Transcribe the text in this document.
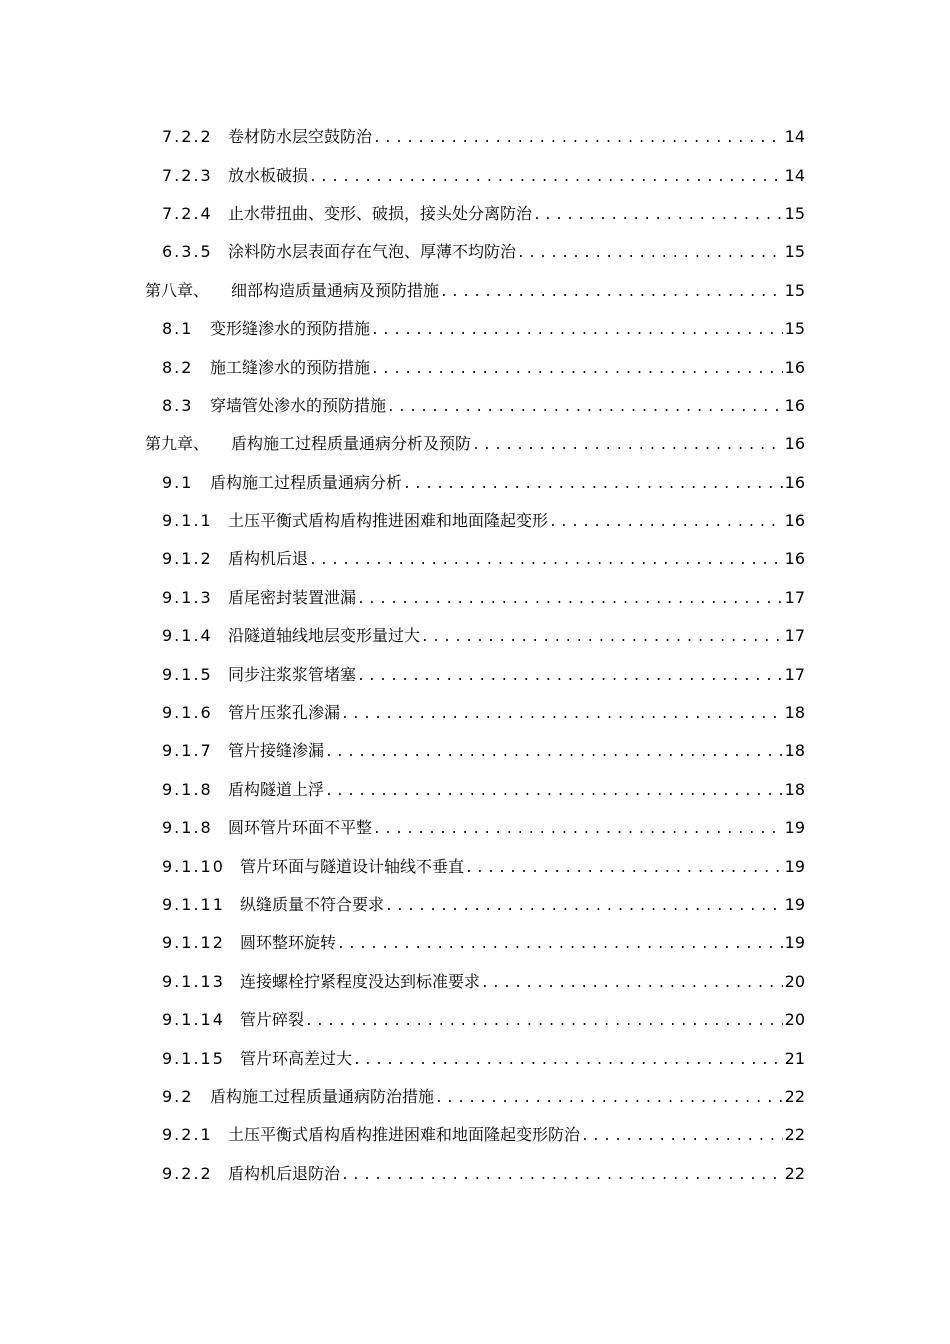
7.2.2 卷材防水层空鼓防治 .....	14
7.2.3 放水板破损 .....	14
7.2.4 止水带扭曲、变形、破损，接头处分离防治 .....	15
6.3.5 涂料防水层表面存在气泡、厚薄不均防治 .....	15
第八章、	细部构造质量通病及预防措施 .....	15
8.1	变形缝渗水的预防措施 .....	15
8.2	施工缝渗水的预防措施 .....	16
8.3	穿墙管处渗水的预防措施 .....	16
第九章、	盾构施工过程质量通病分析及预防 .....	16
9.1	盾构施工过程质量通病分析 .....	16
9.1.1 土压平衡式盾构盾构推进困难和地面隆起变形 .....	16
9.1.2 盾构机后退 .....	16
9.1.3 盾尾密封装置泄漏 .....	17
9.1.4 沿隧道轴线地层变形量过大 .....	17
9.1.5 同步注浆浆管堵塞 .....	17
9.1.6 管片压浆孔渗漏 .....	18
9.1.7 管片接缝渗漏 .....	18
9.1.8 盾构隧道上浮 .....	18
9.1.8 圆环管片环面不平整 .....	19
9.1.10 管片环面与隧道设计轴线不垂直 .....	19
9.1.11 纵缝质量不符合要求 .....	19
9.1.12 圆环整环旋转 .....	19
9.1.13 连接螺栓拧紧程度没达到标准要求 .....	20
9.1.14 管片碎裂 .....	20
9.1.15 管片环高差过大 .....	21
9.2	盾构施工过程质量通病防治措施 .....	22
9.2.1 土压平衡式盾构盾构推进困难和地面隆起变形防治 .....	22
9.2.2 盾构机后退防治 .....	22
